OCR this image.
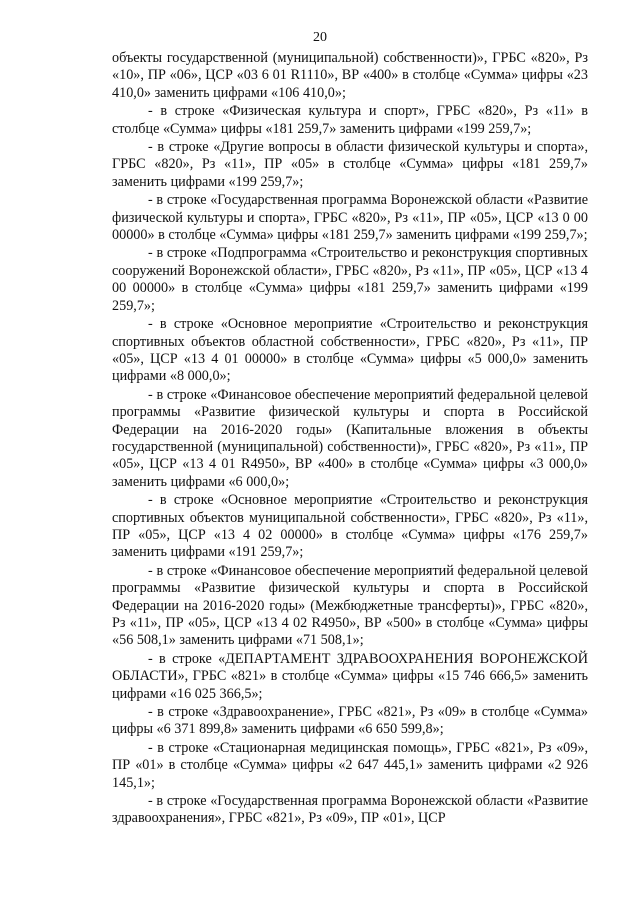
20

объекты государственной (муниципальной) собственности)», ГРБС «820», Рз «10», ПР «06», ЦСР «03 6 01 R1110», ВР «400» в столбце «Сумма» цифры «23 410,0» заменить цифрами «106 410,0»;

- в строке «Физическая культура и спорт», ГРБС «820», Рз «11» в столбце «Сумма» цифры «181 259,7» заменить цифрами «199 259,7»;

- в строке «Другие вопросы в области физической культуры и спорта», ГРБС «820», Рз «11», ПР «05» в столбце «Сумма» цифры «181 259,7» заменить цифрами «199 259,7»;

- в строке «Государственная программа Воронежской области «Развитие физической культуры и спорта», ГРБС «820», Рз «11», ПР «05», ЦСР «13 0 00 00000» в столбце «Сумма» цифры «181 259,7» заменить цифрами «199 259,7»;

- в строке «Подпрограмма «Строительство и реконструкция спортивных сооружений Воронежской области», ГРБС «820», Рз «11», ПР «05», ЦСР «13 4 00 00000» в столбце «Сумма» цифры «181 259,7» заменить цифрами «199 259,7»;

- в строке «Основное мероприятие «Строительство и реконструкция спортивных объектов областной собственности», ГРБС «820», Рз «11», ПР «05», ЦСР «13 4 01 00000» в столбце «Сумма» цифры «5 000,0» заменить цифрами «8 000,0»;

- в строке «Финансовое обеспечение мероприятий федеральной целевой программы «Развитие физической культуры и спорта в Российской Федерации на 2016-2020 годы» (Капитальные вложения в объекты государственной (муниципальной) собственности)», ГРБС «820», Рз «11», ПР «05», ЦСР «13 4 01 R4950», ВР «400» в столбце «Сумма» цифры «3 000,0» заменить цифрами «6 000,0»;

- в строке «Основное мероприятие «Строительство и реконструкция спортивных объектов муниципальной собственности», ГРБС «820», Рз «11», ПР «05», ЦСР «13 4 02 00000» в столбце «Сумма» цифры «176 259,7» заменить цифрами «191 259,7»;

- в строке «Финансовое обеспечение мероприятий федеральной целевой программы «Развитие физической культуры и спорта в Российской Федерации на 2016-2020 годы» (Межбюджетные трансферты)», ГРБС «820», Рз «11», ПР «05», ЦСР «13 4 02 R4950», ВР «500» в столбце «Сумма» цифры «56 508,1» заменить цифрами «71 508,1»;

- в строке «ДЕПАРТАМЕНТ ЗДРАВООХРАНЕНИЯ ВОРОНЕЖСКОЙ ОБЛАСТИ», ГРБС «821» в столбце «Сумма» цифры «15 746 666,5» заменить цифрами «16 025 366,5»;

- в строке «Здравоохранение», ГРБС «821», Рз «09» в столбце «Сумма» цифры «6 371 899,8» заменить цифрами «6 650 599,8»;

- в строке «Стационарная медицинская помощь», ГРБС «821», Рз «09», ПР «01» в столбце «Сумма» цифры «2 647 445,1» заменить цифрами «2 926 145,1»;

- в строке «Государственная программа Воронежской области «Развитие здравоохранения», ГРБС «821», Рз «09», ПР «01», ЦСР
